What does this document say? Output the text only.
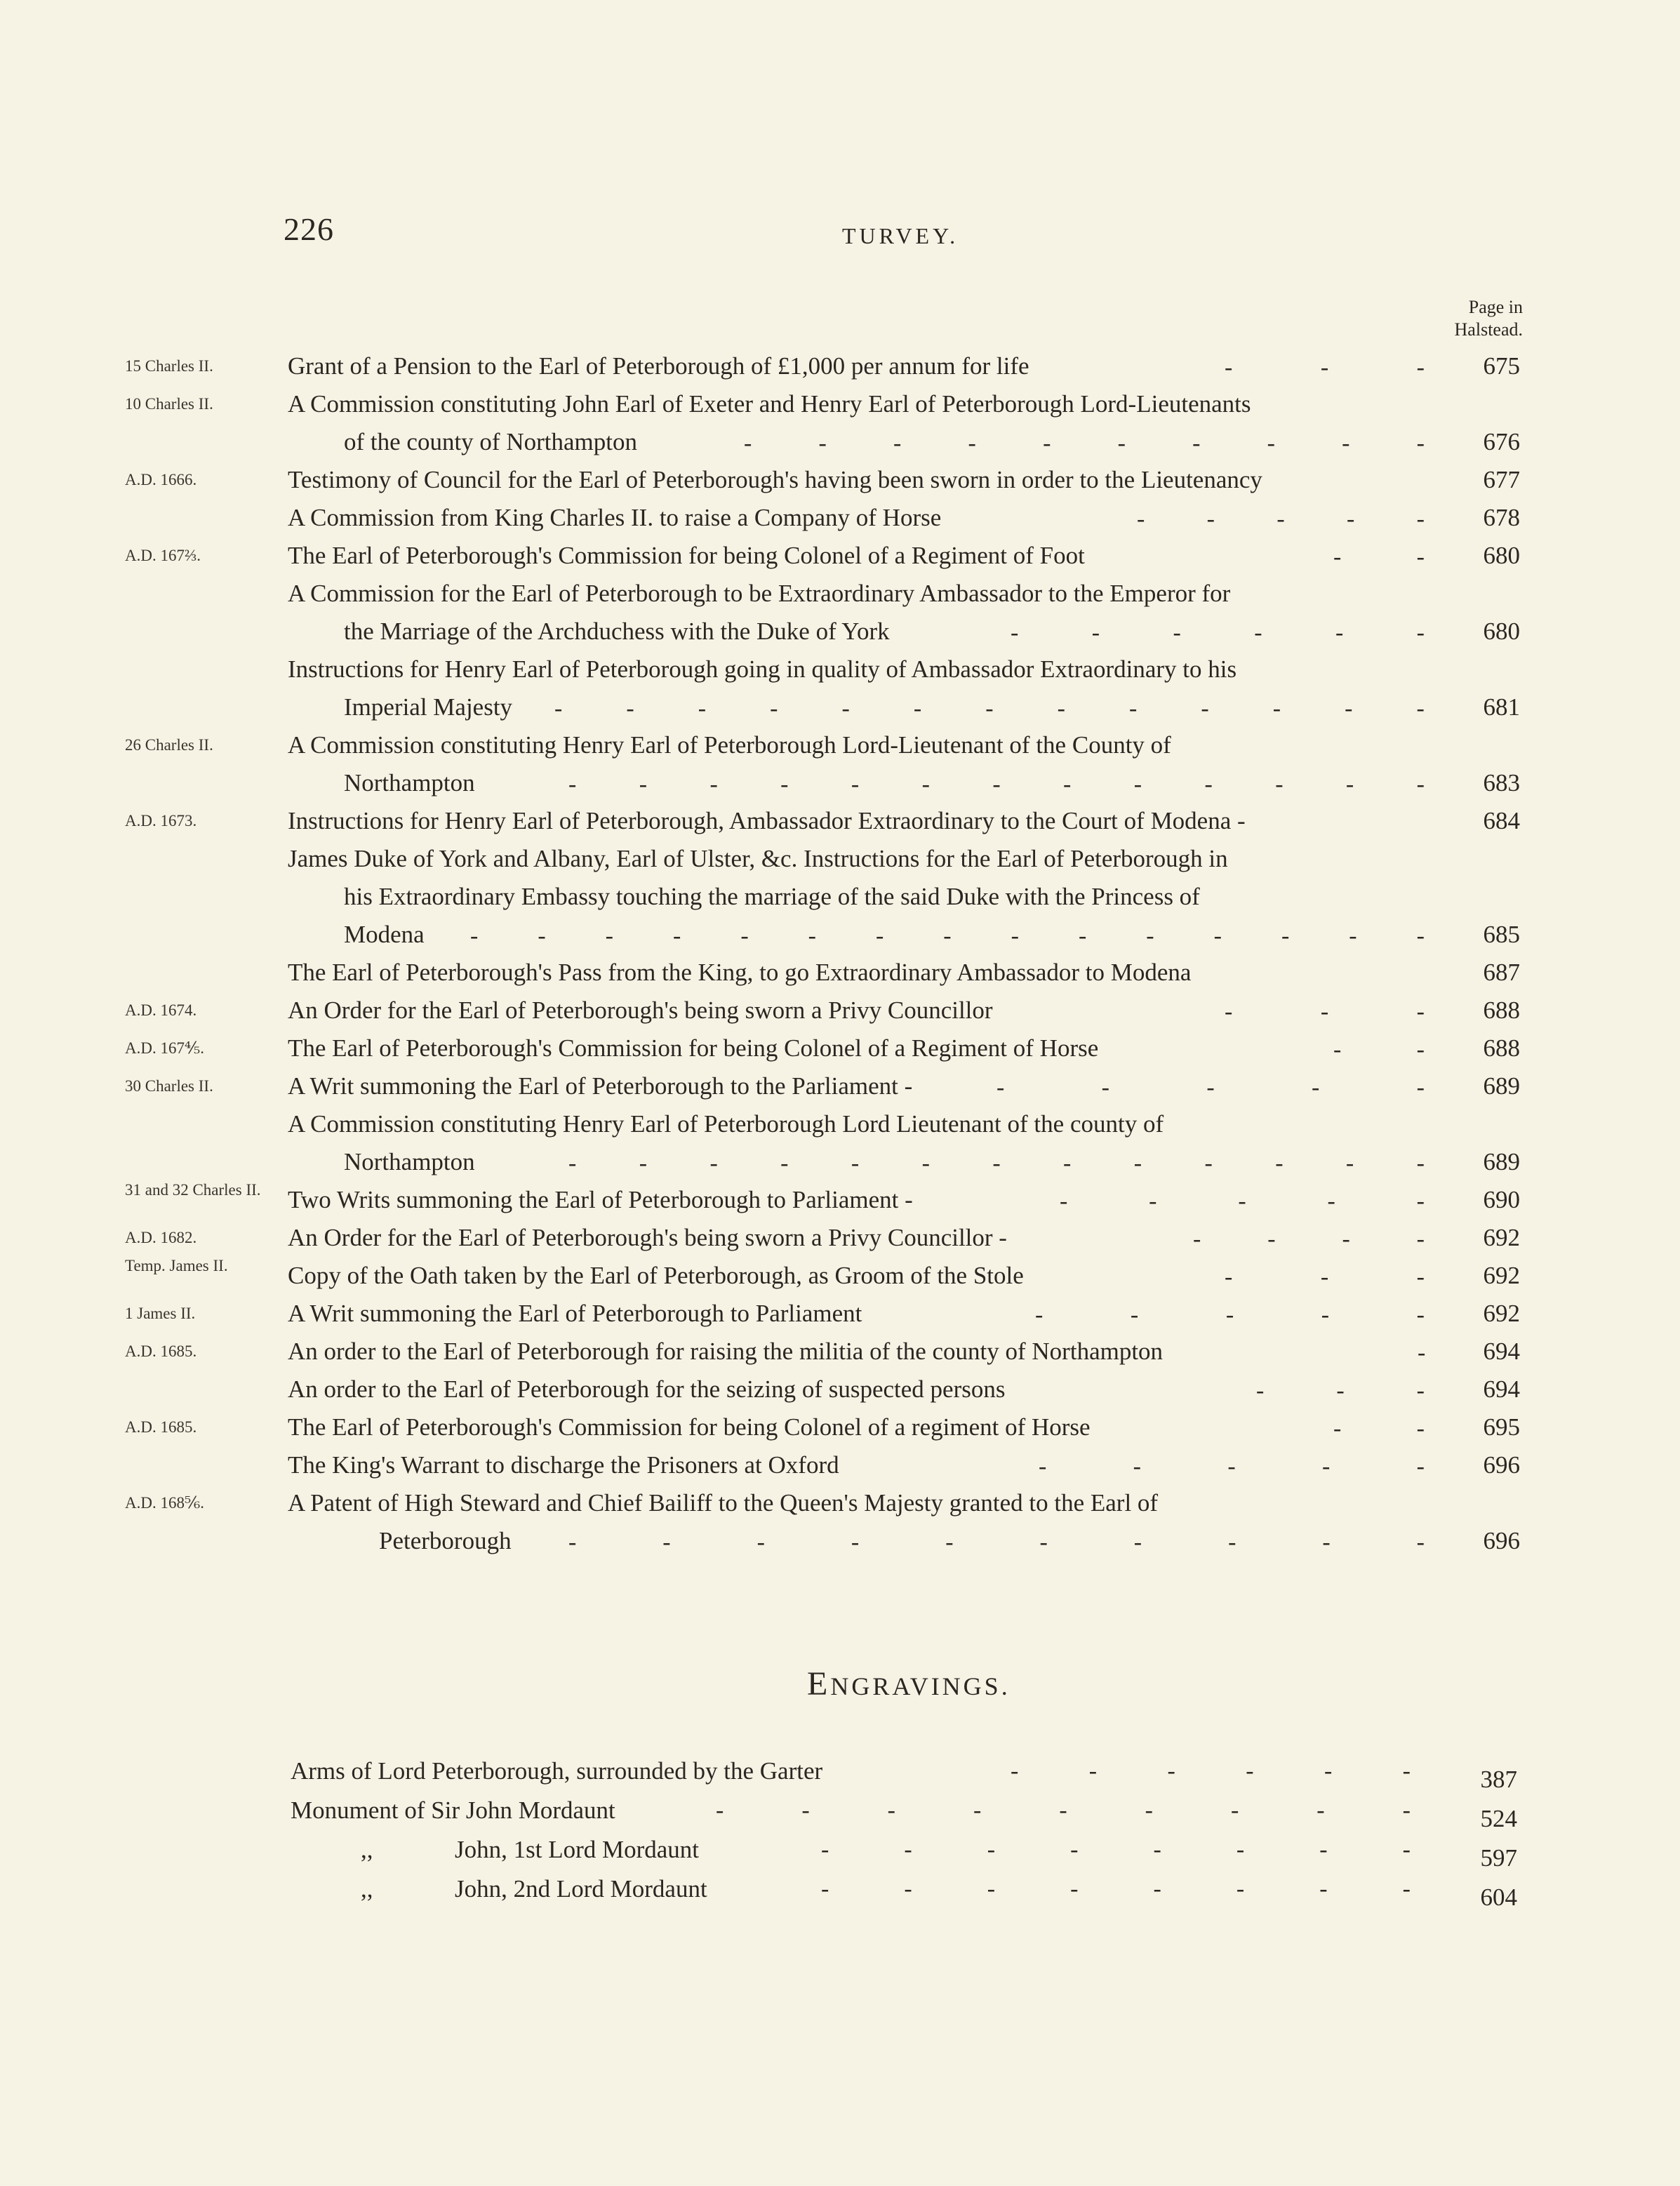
226	TURVEY.
Page in
Halstead.
15 Charles II.	Grant of a Pension to the Earl of Peterborough of £1,000 per annum for life	-	-	-	675
10 Charles II.	A Commission constituting John Earl of Exeter and Henry Earl of Peterborough Lord-Lieutenants
of the county of Northampton	-	-	-	-	-	-	-	-	-	-	676
A.D. 1666.	Testimony of Council for the Earl of Peterborough's having been sworn in order to the Lieutenancy	677
A Commission from King Charles II. to raise a Company of Horse	-	-	-	-	-	678
A.D. 167⅔.	The Earl of Peterborough's Commission for being Colonel of a Regiment of Foot	-	-	680
A Commission for the Earl of Peterborough to be Extraordinary Ambassador to the Emperor for
the Marriage of the Archduchess with the Duke of York	-	-	-	-	-	-	680
Instructions for Henry Earl of Peterborough going in quality of Ambassador Extraordinary to his
Imperial Majesty -	-	-	-	-	-	-	-	-	-	-	-	-	681
26 Charles II.	A Commission constituting Henry Earl of Peterborough Lord-Lieutenant of the County of
Northampton	-	-	-	-	-	-	-	-	-	-	-	-	-	683
A.D. 1673.	Instructions for Henry Earl of Peterborough, Ambassador Extraordinary to the Court of Modena -	684
James Duke of York and Albany, Earl of Ulster, &c. Instructions for the Earl of Peterborough in
his Extraordinary Embassy touching the marriage of the said Duke with the Princess of
Modena -	-	-	-	-	-	-	-	-	-	-	-	-	-	-	685
The Earl of Peterborough's Pass from the King, to go Extraordinary Ambassador to Modena	687
A.D. 1674.	An Order for the Earl of Peterborough's being sworn a Privy Councillor	-	-	-	688
A.D. 167⅘.	The Earl of Peterborough's Commission for being Colonel of a Regiment of Horse	-	-	688
30 Charles II.	A Writ summoning the Earl of Peterborough to the Parliament -	-	-	-	-	-	689
A Commission constituting Henry Earl of Peterborough Lord Lieutenant of the county of
Northampton	-	-	-	-	-	-	-	-	-	-	-	-	-	689
31 and 32 Charles II.	Two Writs summoning the Earl of Peterborough to Parliament -	-	-	-	-	-	690
A.D. 1682.	An Order for the Earl of Peterborough's being sworn a Privy Councillor -	-	-	-	-	692
Temp. James II.	Copy of the Oath taken by the Earl of Peterborough, as Groom of the Stole	-	-	-	692
1 James II.	A Writ summoning the Earl of Peterborough to Parliament	-	-	-	-	-	692
A.D. 1685.	An order to the Earl of Peterborough for raising the militia of the county of Northampton	-	694
An order to the Earl of Peterborough for the seizing of suspected persons	-	-	-	694
A.D. 1685.	The Earl of Peterborough's Commission for being Colonel of a regiment of Horse	-	-	695
The King's Warrant to discharge the Prisoners at Oxford	-	-	-	-	-	696
A.D. 168⅚.	A Patent of High Steward and Chief Bailiff to the Queen's Majesty granted to the Earl of
Peterborough -	-	-	-	-	-	-	-	-	-	696
ENGRAVINGS.
Arms of Lord Peterborough, surrounded by the Garter	-	-	-	-	-	-	387
Monument of Sir John Mordaunt	-	-	-	-	-	-	-	-	-	524
,,	John, 1st Lord Mordaunt	-	-	-	-	-	-	-	-	597
,,	John, 2nd Lord Mordaunt	-	-	-	-	-	-	-	-	604
